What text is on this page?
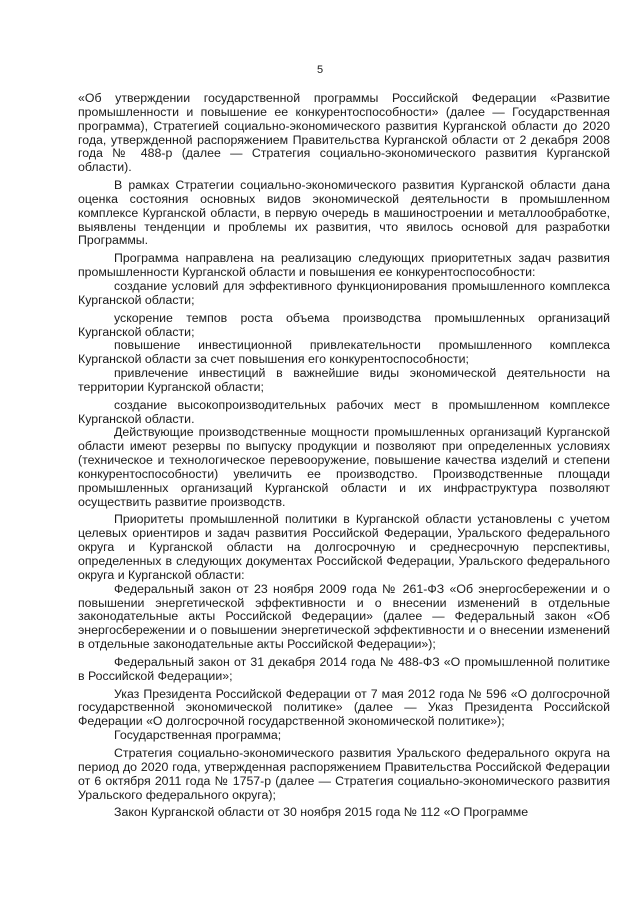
5

«Об утверждении государственной программы Российской Федерации «Развитие промышленности и повышение ее конкурентоспособности» (далее — Государственная программа), Стратегией социально-экономического развития Курганской области до 2020 года, утвержденной распоряжением Правительства Курганской области от 2 декабря 2008 года № 488-р (далее — Стратегия социально-экономического развития Курганской области).

В рамках Стратегии социально-экономического развития Курганской области дана оценка состояния основных видов экономической деятельности в промышленном комплексе Курганской области, в первую очередь в машиностроении и металлообработке, выявлены тенденции и проблемы их развития, что явилось основой для разработки Программы.

Программа направлена на реализацию следующих приоритетных задач развития промышленности Курганской области и повышения ее конкурентоспособности:

создание условий для эффективного функционирования промышленного комплекса Курганской области;

ускорение темпов роста объема производства промышленных организаций Курганской области;

повышение инвестиционной привлекательности промышленного комплекса Курганской области за счет повышения его конкурентоспособности;

привлечение инвестиций в важнейшие виды экономической деятельности на территории Курганской области;

создание высокопроизводительных рабочих мест в промышленном комплексе Курганской области.

Действующие производственные мощности промышленных организаций Курганской области имеют резервы по выпуску продукции и позволяют при определенных условиях (техническое и технологическое перевооружение, повышение качества изделий и степени конкурентоспособности) увеличить ее производство. Производственные площади промышленных организаций Курганской области и их инфраструктура позволяют осуществить развитие производств.

Приоритеты промышленной политики в Курганской области установлены с учетом целевых ориентиров и задач развития Российской Федерации, Уральского федерального округа и Курганской области на долгосрочную и среднесрочную перспективы, определенных в следующих документах Российской Федерации, Уральского федерального округа и Курганской области:

Федеральный закон от 23 ноября 2009 года № 261-ФЗ «Об энергосбережении и о повышении энергетической эффективности и о внесении изменений в отдельные законодательные акты Российской Федерации» (далее — Федеральный закон «Об энергосбережении и о повышении энергетической эффективности и о внесении изменений в отдельные законодательные акты Российской Федерации»);

Федеральный закон от 31 декабря 2014 года № 488-ФЗ «О промышленной политике в Российской Федерации»;

Указ Президента Российской Федерации от 7 мая 2012 года № 596 «О долгосрочной государственной экономической политике» (далее — Указ Президента Российской Федерации «О долгосрочной государственной экономической политике»);

Государственная программа;

Стратегия социально-экономического развития Уральского федерального округа на период до 2020 года, утвержденная распоряжением Правительства Российской Федерации от 6 октября 2011 года № 1757-р (далее — Стратегия социально-экономического развития Уральского федерального округа);

Закон Курганской области от 30 ноября 2015 года № 112 «О Программе
